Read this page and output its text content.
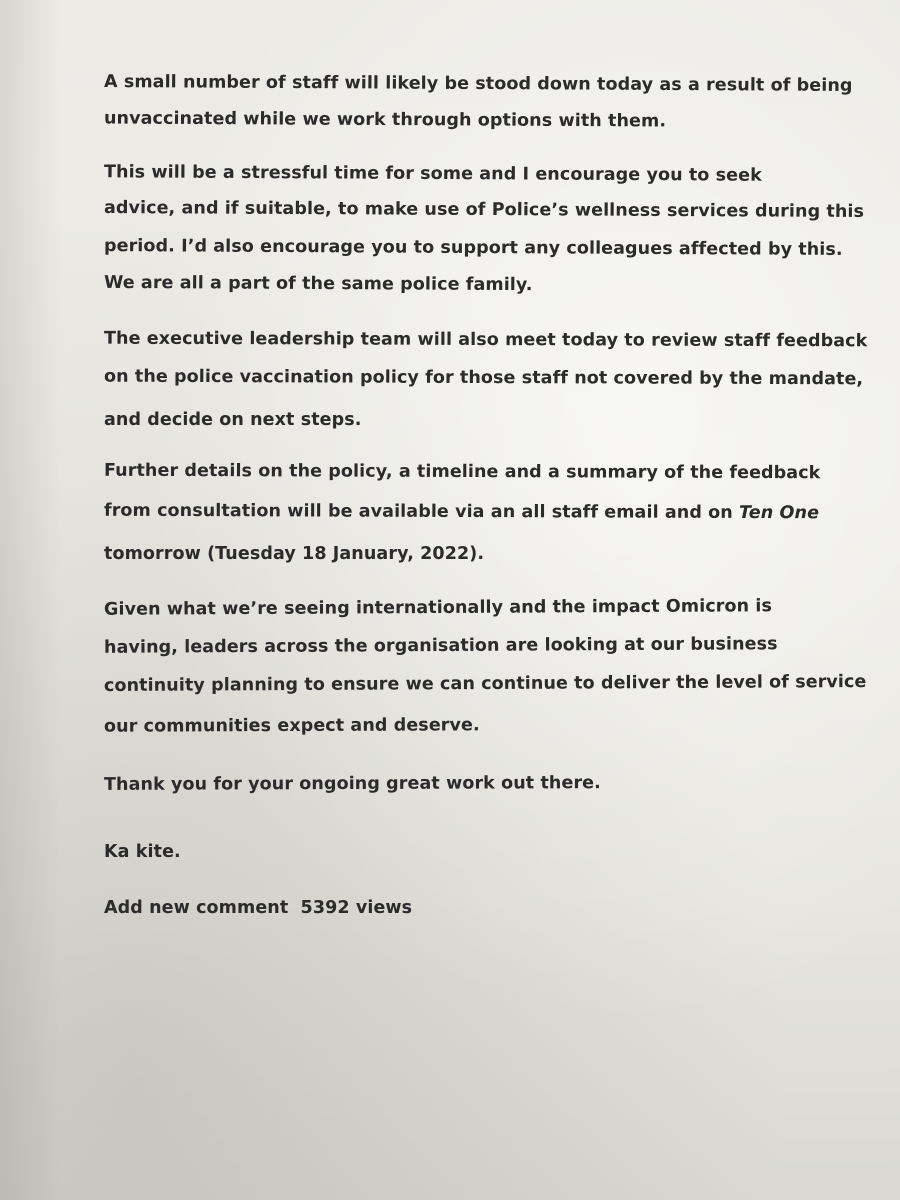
A small number of staff will likely be stood down today as a result of being
unvaccinated while we work through options with them.
This will be a stressful time for some and I encourage you to seek
advice, and if suitable, to make use of Police’s wellness services during this
period. I’d also encourage you to support any colleagues affected by this.
We are all a part of the same police family.
The executive leadership team will also meet today to review staff feedback
on the police vaccination policy for those staff not covered by the mandate,
and decide on next steps.
Further details on the policy, a timeline and a summary of the feedback
from consultation will be available via an all staff email and on Ten One
tomorrow (Tuesday 18 January, 2022).
Given what we’re seeing internationally and the impact Omicron is
having, leaders across the organisation are looking at our business
continuity planning to ensure we can continue to deliver the level of service
our communities expect and deserve.
Thank you for your ongoing great work out there.
Ka kite.
Add new comment 5392 views
